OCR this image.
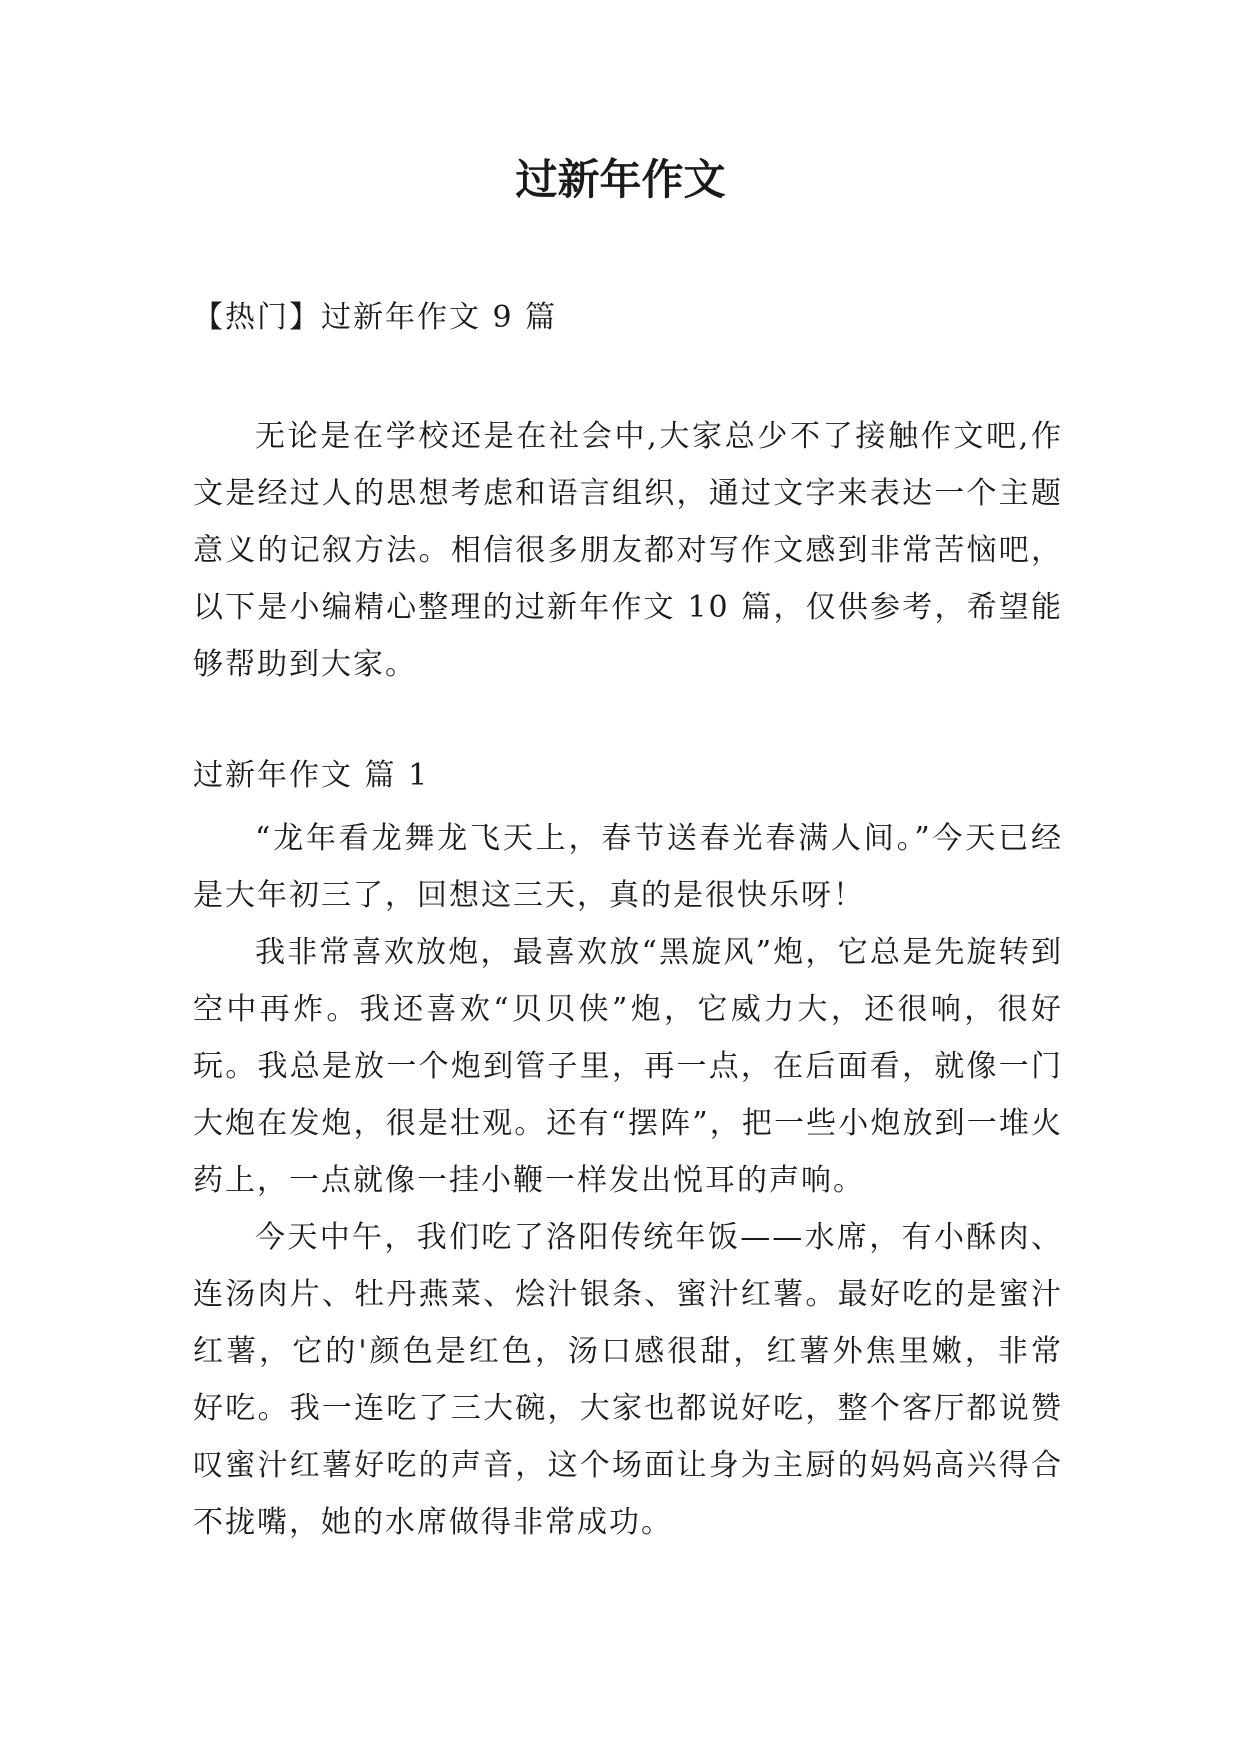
过新年作文

【热门】过新年作文 9 篇

无论是在学校还是在社会中,大家总少不了接触作文吧,作文是经过人的思想考虑和语言组织，通过文字来表达一个主题意义的记叙方法。相信很多朋友都对写作文感到非常苦恼吧，以下是小编精心整理的过新年作文 10 篇，仅供参考，希望能够帮助到大家。

过新年作文 篇 1

“龙年看龙舞龙飞天上，春节送春光春满人间。”今天已经是大年初三了，回想这三天，真的是很快乐呀！

我非常喜欢放炮，最喜欢放“黑旋风”炮，它总是先旋转到空中再炸。我还喜欢“贝贝侠”炮，它威力大，还很响，很好玩。我总是放一个炮到管子里，再一点，在后面看，就像一门大炮在发炮，很是壮观。还有“摆阵”，把一些小炮放到一堆火药上，一点就像一挂小鞭一样发出悦耳的声响。

今天中午，我们吃了洛阳传统年饭——水席，有小酥肉、连汤肉片、牡丹燕菜、烩汁银条、蜜汁红薯。最好吃的是蜜汁红薯，它的'颜色是红色，汤口感很甜，红薯外焦里嫩，非常好吃。我一连吃了三大碗，大家也都说好吃，整个客厅都说赞叹蜜汁红薯好吃的声音，这个场面让身为主厨的妈妈高兴得合不拢嘴，她的水席做得非常成功。
